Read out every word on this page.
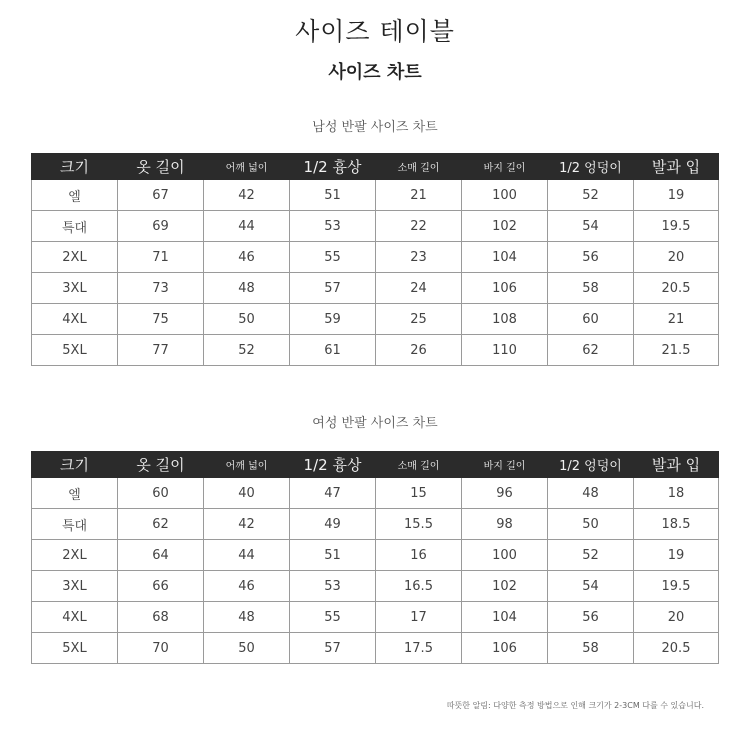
사이즈 테이블
사이즈 차트
남성 반팔 사이즈 차트
크기	옷 길이	어깨 넓이	1/2 흉상	소매 길이	바지 길이	1/2 엉덩이	발과 입
엘	67	42	51	21	100	52	19
특대	69	44	53	22	102	54	19.5
2XL	71	46	55	23	104	56	20
3XL	73	48	57	24	106	58	20.5
4XL	75	50	59	25	108	60	21
5XL	77	52	61	26	110	62	21.5
여성 반팔 사이즈 차트
크기	옷 길이	어깨 넓이	1/2 흉상	소매 길이	바지 길이	1/2 엉덩이	발과 입
엘	60	40	47	15	96	48	18
특대	62	42	49	15.5	98	50	18.5
2XL	64	44	51	16	100	52	19
3XL	66	46	53	16.5	102	54	19.5
4XL	68	48	55	17	104	56	20
5XL	70	50	57	17.5	106	58	20.5
따뜻한 알림: 다양한 측정 방법으로 인해 크기가 2-3CM 다를 수 있습니다.
